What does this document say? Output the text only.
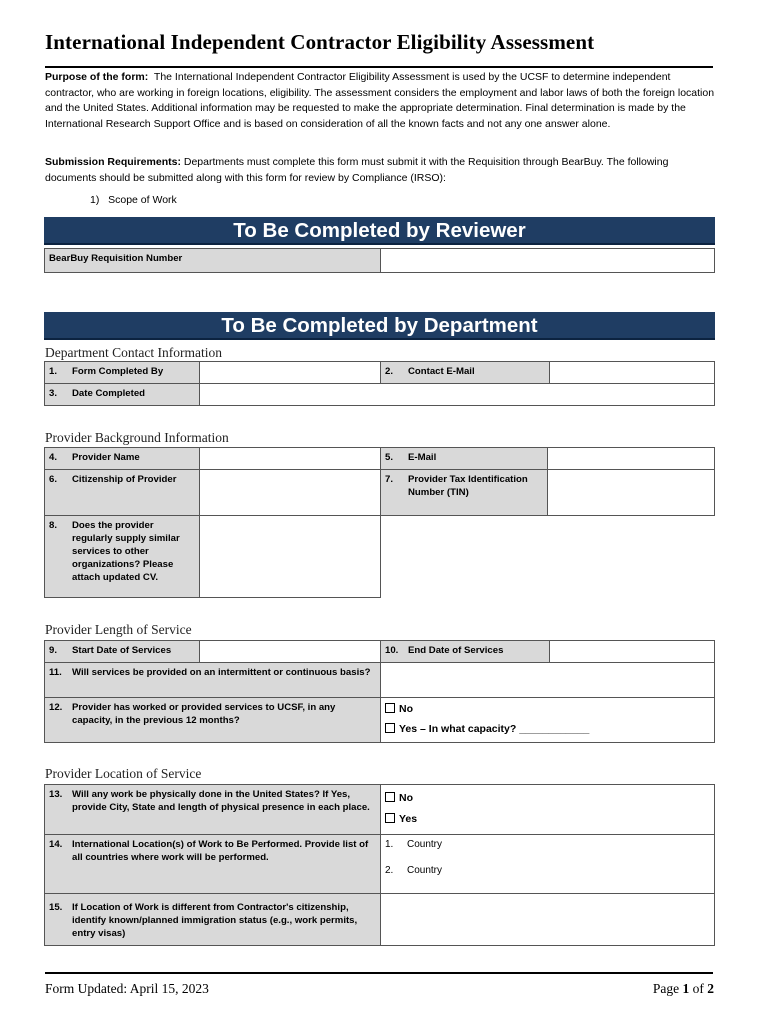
International Independent Contractor Eligibility Assessment
Purpose of the form: The International Independent Contractor Eligibility Assessment is used by the UCSF to determine independent contractor, who are working in foreign locations, eligibility. The assessment considers the employment and labor laws of both the foreign location and the United States. Additional information may be requested to make the appropriate determination. Final determination is made by the International Research Support Office and is based on consideration of all the known facts and not any one answer alone.
Submission Requirements: Departments must complete this form must submit it with the Requisition through BearBuy. The following documents should be submitted along with this form for review by Compliance (IRSO):
1) Scope of Work
To Be Completed by Reviewer
BearBuy Requisition Number	
To Be Completed by Department
Department Contact Information
1. Form Completed By		2. Contact E-Mail	
3. Date Completed			
Provider Background Information
4. Provider Name		5. E-Mail	
6. Citizenship of Provider		7. Provider Tax Identification Number (TIN)	
8. Does the provider regularly supply similar services to other organizations? Please attach updated CV.			
Provider Length of Service
9. Start Date of Services		10. End Date of Services	
11. Will services be provided on an intermittent or continuous basis?			
12. Provider has worked or provided services to UCSF, in any capacity, in the previous 12 months?		No
Yes – In what capacity? ____________	
Provider Location of Service
13. Will any work be physically done in the United States? If Yes, provide City, State and length of physical presence in each place.	No
Yes

14. International Location(s) of Work to Be Performed. Provide list of all countries where work will be performed.	1. Country
2. Country

15. If Location of Work is different from Contractor's citizenship, identify known/planned immigration status (e.g., work permits, entry visas)	
Form Updated: April 15, 2023	Page 1 of 2
